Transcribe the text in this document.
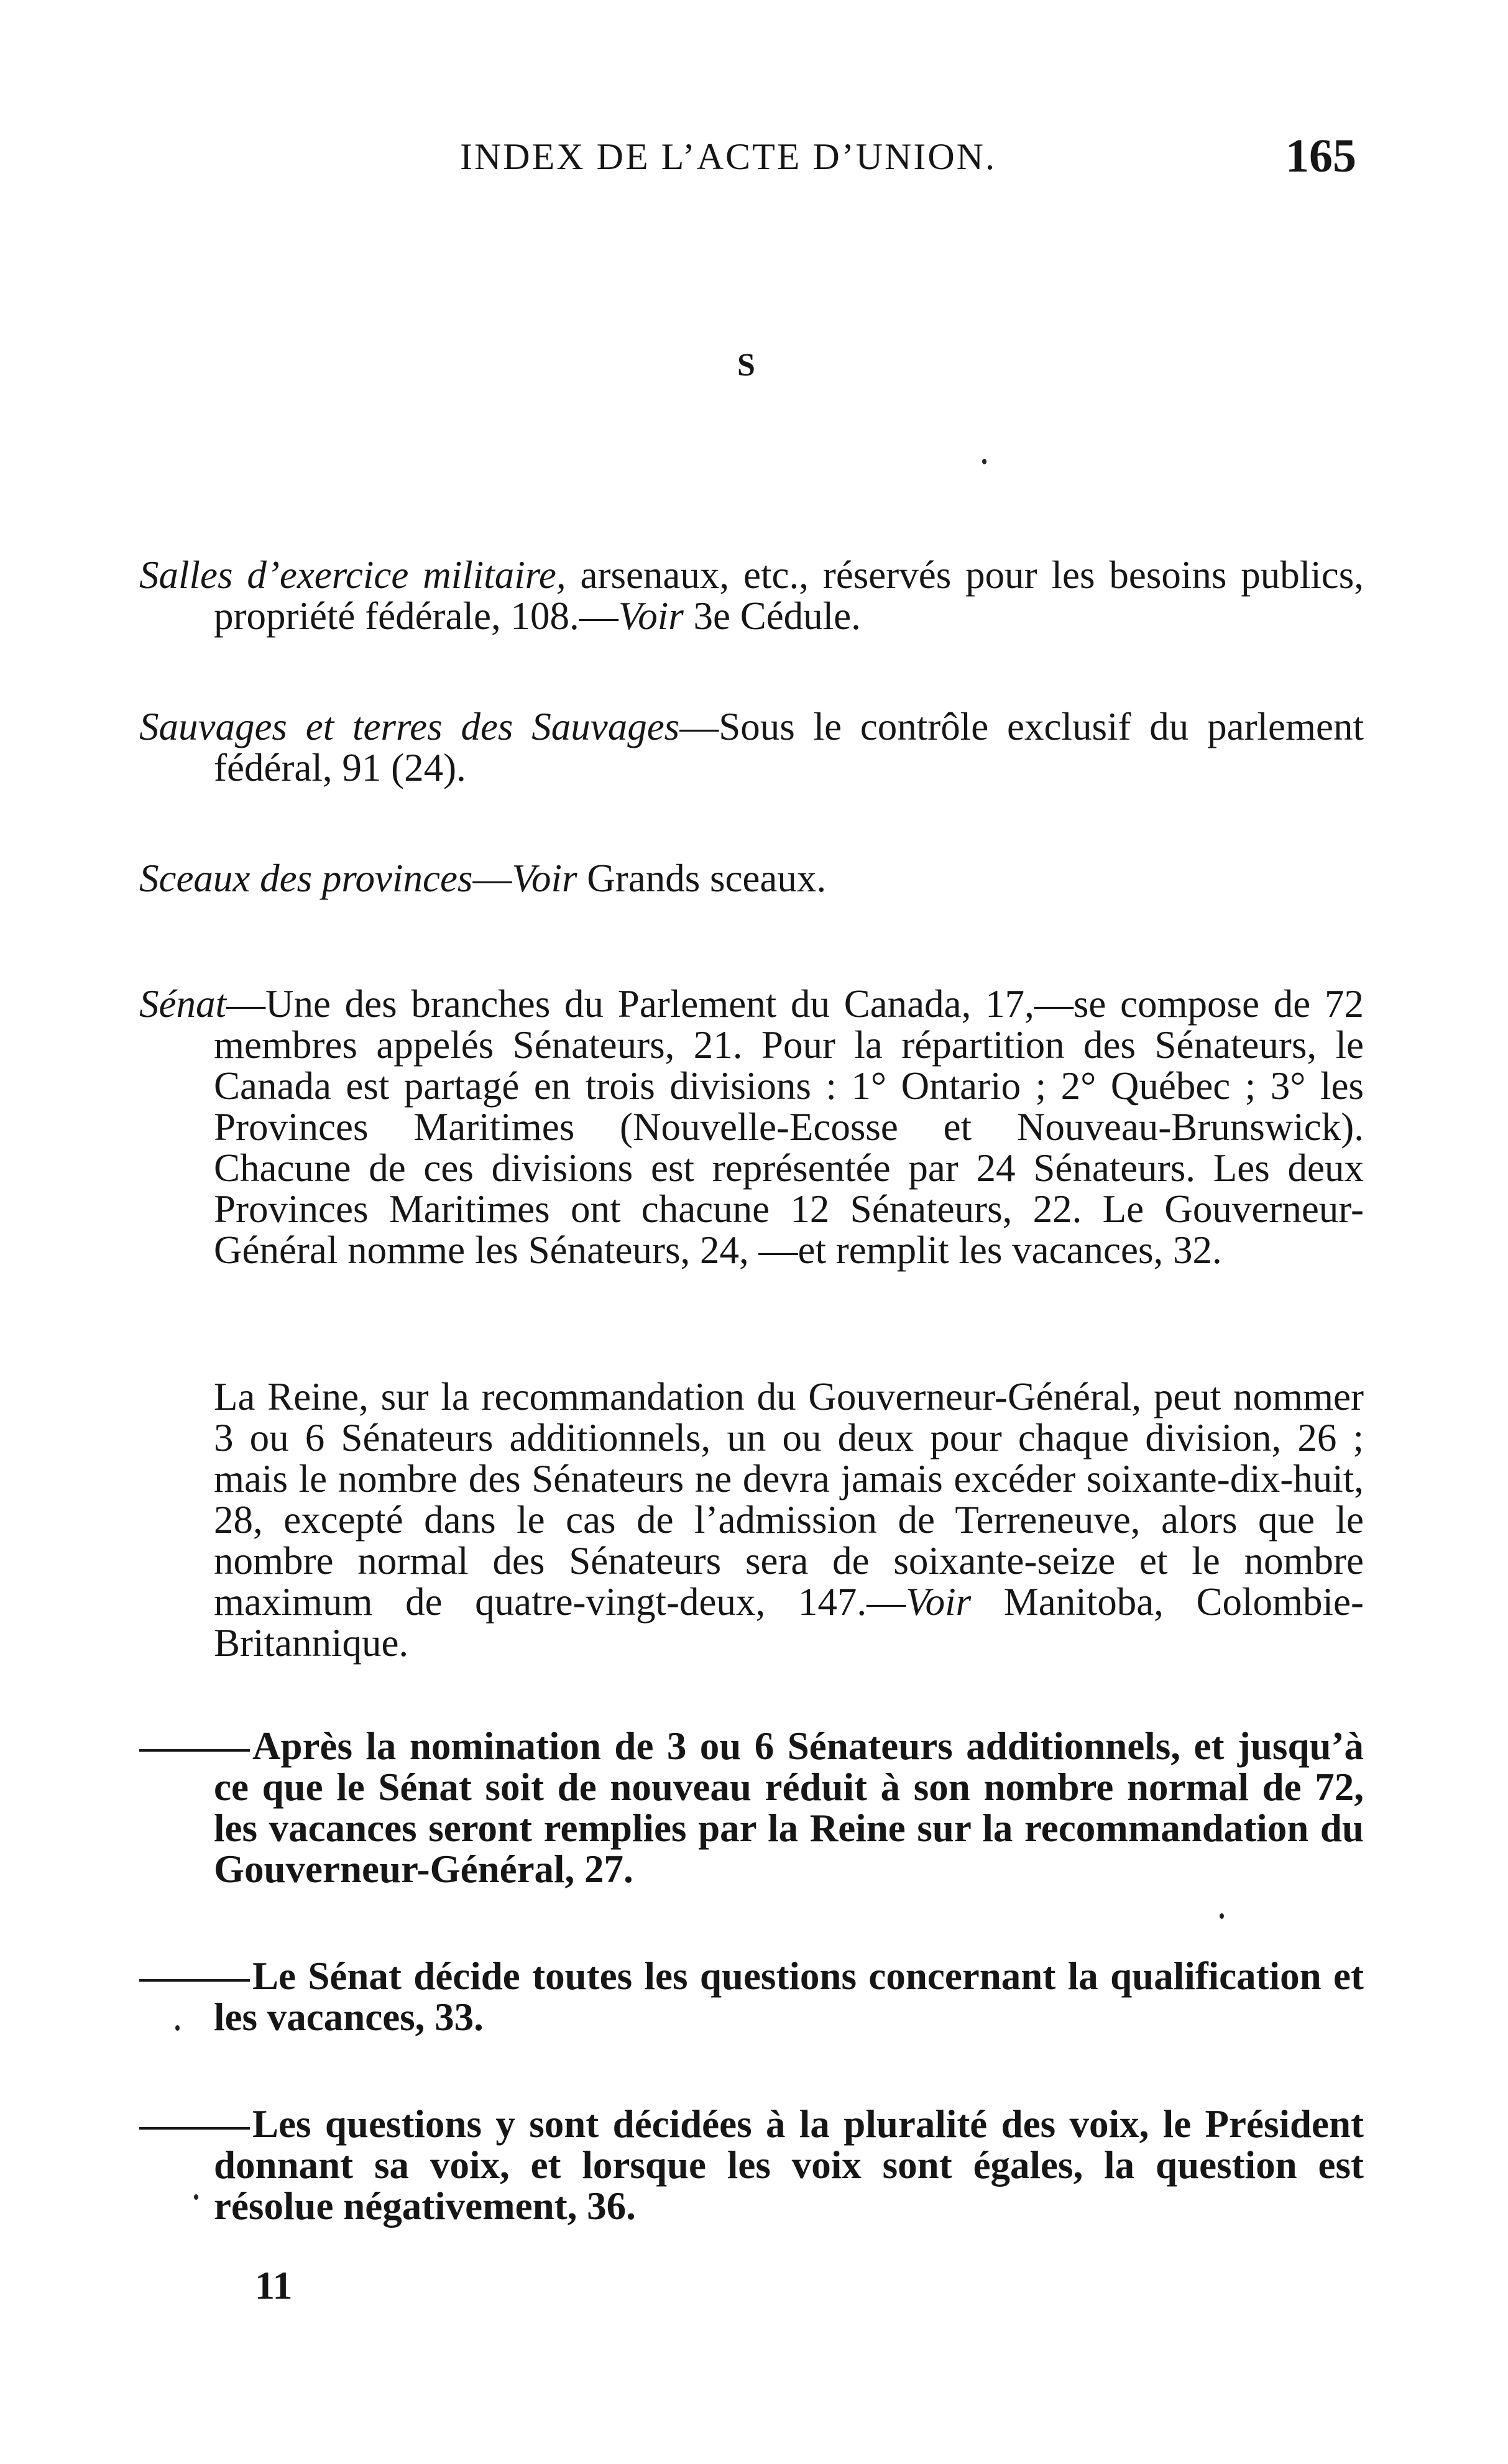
INDEX DE L’ACTE D’UNION.	165
S
Salles d’exercice militaire, arsenaux, etc., réservés pour les besoins publics, propriété fédérale, 108.—Voir 3e Cédule.
Sauvages et terres des Sauvages—Sous le contrôle exclusif du parlement fédéral, 91 (24).
Sceaux des provinces—Voir Grands sceaux.
Sénat—Une des branches du Parlement du Canada, 17,—se compose de 72 membres appelés Sénateurs, 21. Pour la répartition des Sénateurs, le Canada est partagé en trois divisions : 1° Ontario ; 2° Québec ; 3° les Provinces Maritimes (Nouvelle-Ecosse et Nouveau-Brunswick). Chacune de ces divisions est représentée par 24 Sénateurs. Les deux Provinces Maritimes ont chacune 12 Sénateurs, 22. Le Gouverneur-Général nomme les Sénateurs, 24, —et remplit les vacances, 32.
La Reine, sur la recommandation du Gouverneur-Général, peut nommer 3 ou 6 Sénateurs additionnels, un ou deux pour chaque division, 26 ; mais le nombre des Sénateurs ne devra jamais excéder soixante-dix-huit, 28, excepté dans le cas de l’admission de Terreneuve, alors que le nombre normal des Sénateurs sera de soixante-seize et le nombre maximum de quatre-vingt-deux, 147.—Voir Manitoba, Colombie-Britannique.
Après la nomination de 3 ou 6 Sénateurs additionnels, et jusqu’à ce que le Sénat soit de nouveau réduit à son nombre normal de 72, les vacances seront remplies par la Reine sur la recommandation du Gouverneur-Général, 27.
Le Sénat décide toutes les questions concernant la qualification et les vacances, 33.
Les questions y sont décidées à la pluralité des voix, le Président donnant sa voix, et lorsque les voix sont égales, la question est résolue négativement, 36.
11
